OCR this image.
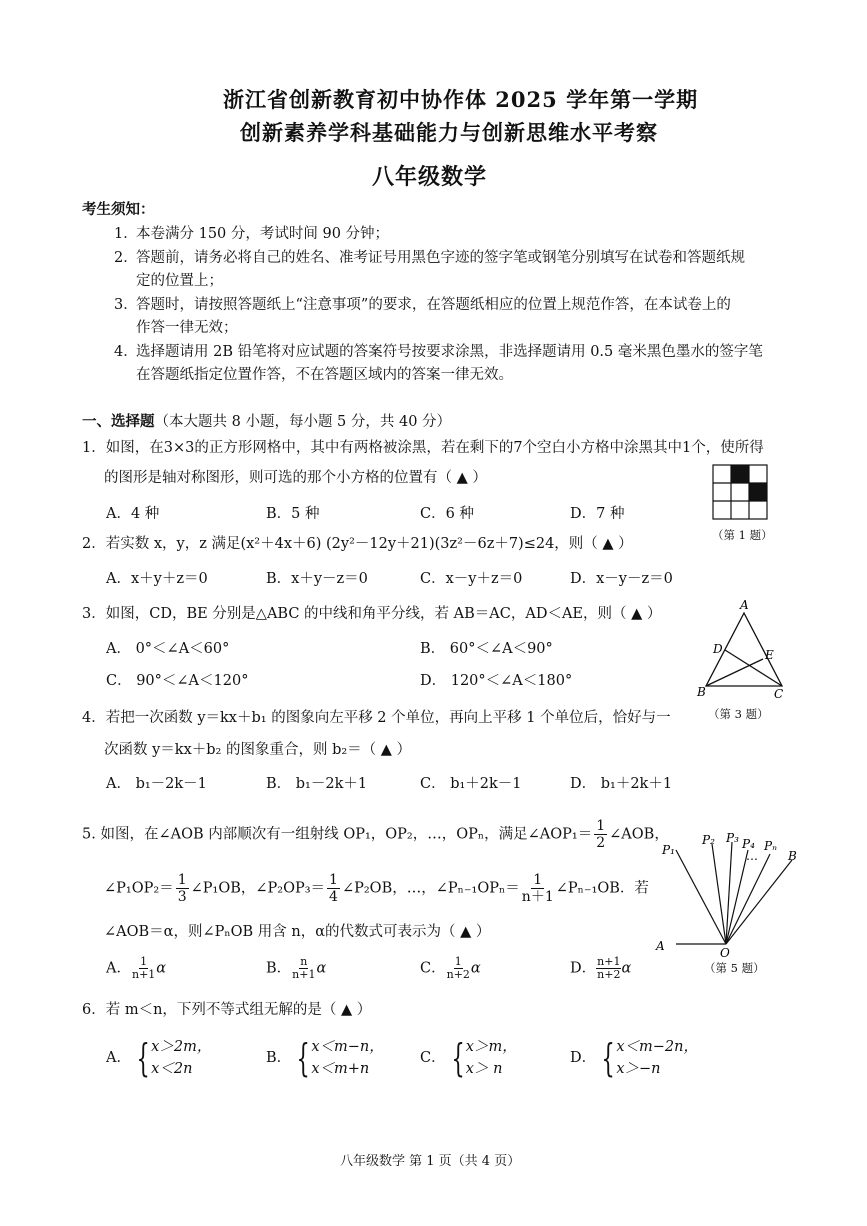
浙江省创新教育初中协作体 2025 学年第一学期
创新素养学科基础能力与创新思维水平考察
八年级数学
考生须知：
1．
本卷满分 150 分，考试时间 90 分钟；
2．
答题前，请务必将自己的姓名、准考证号用黑色字迹的签字笔或钢笔分别填写在试卷和答题纸规
定的位置上；
3．
答题时，请按照答题纸上“注意事项”的要求，在答题纸相应的位置上规范作答，在本试卷上的
作答一律无效；
4．
选择题请用 2B 铅笔将对应试题的答案符号按要求涂黑，非选择题请用 0.5 毫米黑色墨水的签字笔
在答题纸指定位置作答，不在答题区域内的答案一律无效。
一、选择题（本大题共 8 小题，每小题 5 分，共 40 分）
1．如图，在3×3的正方形网格中，其中有两格被涂黑，若在剩下的7个空白小方格中涂黑其中1个，使所得
的图形是轴对称图形，则可选的那个小方格的位置有（ ▲ ）
A．4 种	B．5 种	C．6 种	D．7 种
（第 1 题）
2．若实数 x，y，z 满足(x²＋4x＋6) (2y²－12y＋21)(3z²－6z＋7)≤24，则（ ▲ ）
A．x＋y＋z＝0	B．x＋y－z＝0	C．x－y＋z＝0	D．x－y－z＝0
3．如图，CD，BE 分别是△ABC 的中线和角平分线，若 AB＝AC，AD＜AE，则（ ▲ ）
A． 0°＜∠A＜60°	B． 60°＜∠A＜90°
C． 90°＜∠A＜120°	D． 120°＜∠A＜180°
A
D	E
B	C
（第 3 题）
4．若把一次函数 y＝kx＋b₁ 的图象向左平移 2 个单位，再向上平移 1 个单位后，恰好与一
次函数 y＝kx＋b₂ 的图象重合，则 b₂＝（ ▲ ）
A． b₁－2k－1	B． b₁－2k＋1	C． b₁＋2k－1	D． b₁＋2k＋1
5. 如图，在∠AOB 内部顺次有一组射线 OP₁，OP₂，…，OPₙ，满足∠AOP₁＝ $\frac{1}{2}$ ∠AOB，
∠P₁OP₂＝ $\frac{1}{3}$ ∠P₁OB，∠P₂OP₃＝ $\frac{1}{4}$ ∠P₂OB，…，∠Pₙ₋₁OPₙ＝ $\frac{1}{n+1}$ ∠Pₙ₋₁OB．若
∠AOB＝α，则∠PₙOB 用含 n，α的代数式可表示为（ ▲ ）
A． $\frac{1}{n+1}$ α	B． $\frac{n}{n+1}$ α	C． $\frac{1}{n+2}$ α	D． $\frac{n+1}{n+2}$ α
P₁
P₂ P₃ P₄
…
Pₙ
B
A	O
（第 5 题）
6．若 m＜n，下列不等式组无解的是（ ▲ ）
A． {x＞2m，
x＜2n
B． {x＜m−n，
x＜m+n
C． {x＞m，
x＞ n
D． {x＜m−2n，
x＞−n
八年级数学 第 1 页（共 4 页）
